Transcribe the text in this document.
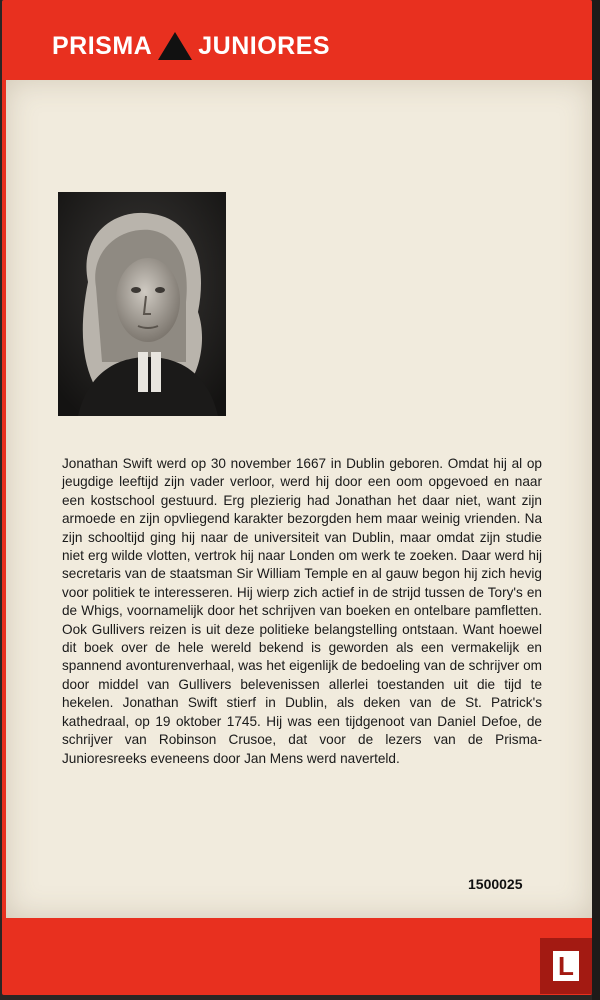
PRISMA JUNIORES

Jonathan Swift werd op 30 november 1667 in Dublin geboren. Omdat hij al op jeugdige leeftijd zijn vader verloor, werd hij door een oom opgevoed en naar een kostschool gestuurd. Erg plezierig had Jonathan het daar niet, want zijn armoede en zijn opvliegend karakter bezorgden hem maar weinig vrienden. Na zijn schooltijd ging hij naar de universiteit van Dublin, maar omdat zijn studie niet erg wilde vlotten, vertrok hij naar Londen om werk te zoeken. Daar werd hij secretaris van de staatsman Sir William Temple en al gauw begon hij zich hevig voor politiek te interesseren. Hij wierp zich actief in de strijd tussen de Tory's en de Whigs, voornamelijk door het schrijven van boeken en ontelbare pamfletten. Ook Gullivers reizen is uit deze politieke belangstelling ontstaan. Want hoewel dit boek over de hele wereld bekend is geworden als een vermakelijk en spannend avonturenverhaal, was het eigenlijk de bedoeling van de schrijver om door middel van Gullivers belevenissen allerlei toestanden uit die tijd te hekelen. Jonathan Swift stierf in Dublin, als deken van de St. Patrick's kathedraal, op 19 oktober 1745. Hij was een tijdgenoot van Daniel Defoe, de schrijver van Robinson Crusoe, dat voor de lezers van de Prisma-Junioresreeks eveneens door Jan Mens werd naverteld.

1500025
L
